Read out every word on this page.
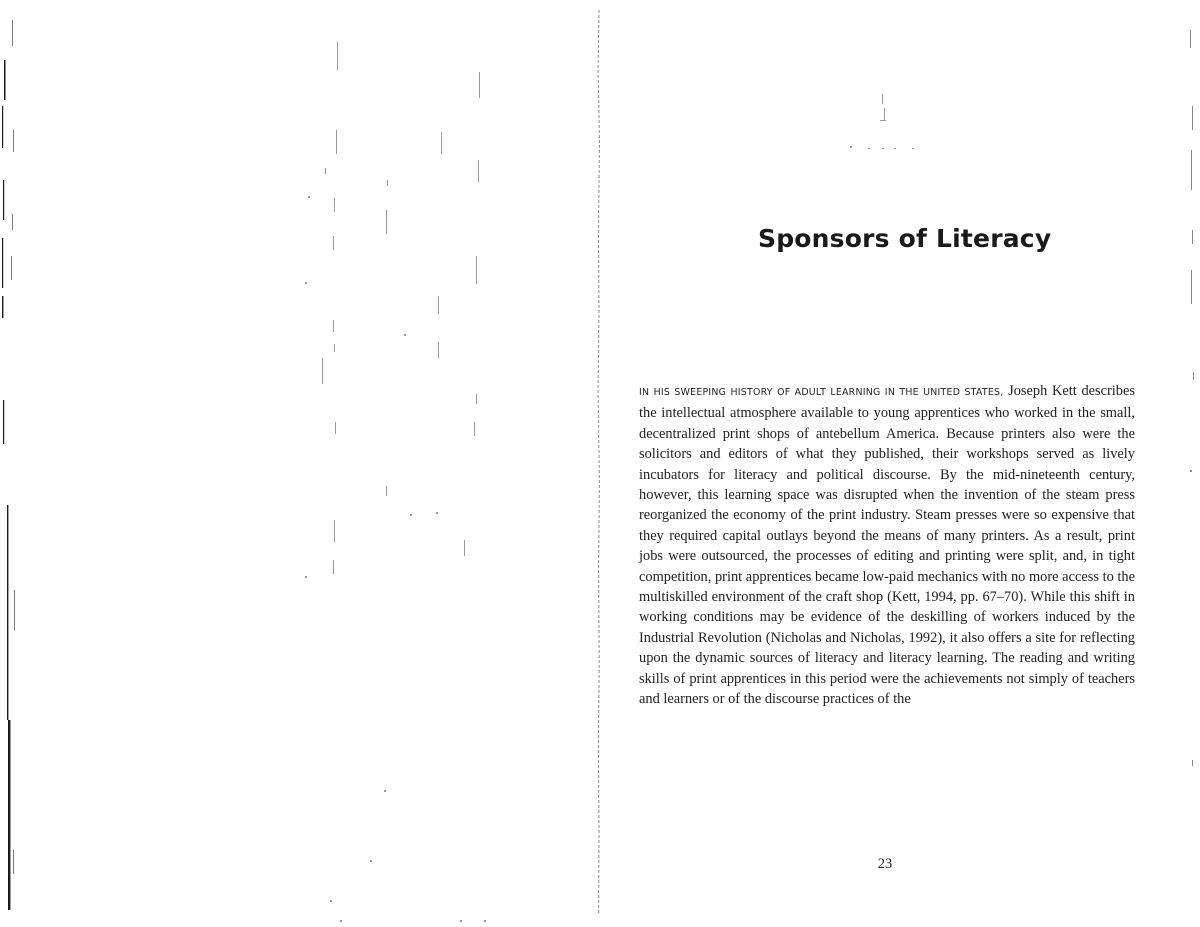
Sponsors of Literacy

IN HIS SWEEPING HISTORY OF ADULT LEARNING IN THE UNITED STATES, Joseph Kett describes the intellectual atmosphere available to young apprentices who worked in the small, decentralized print shops of antebellum America. Because printers also were the solicitors and editors of what they published, their workshops served as lively incubators for literacy and political discourse. By the mid-nineteenth century, however, this learning space was disrupted when the invention of the steam press reorganized the economy of the print industry. Steam presses were so expensive that they required capital outlays beyond the means of many printers. As a result, print jobs were outsourced, the processes of editing and printing were split, and, in tight competition, print apprentices became low-paid mechanics with no more access to the multiskilled environment of the craft shop (Kett, 1994, pp. 67–70). While this shift in working conditions may be evidence of the deskilling of workers induced by the Industrial Revolution (Nicholas and Nicholas, 1992), it also offers a site for reflecting upon the dynamic sources of literacy and literacy learning. The reading and writing skills of print apprentices in this period were the achievements not simply of teachers and learners or of the discourse practices of the

23
